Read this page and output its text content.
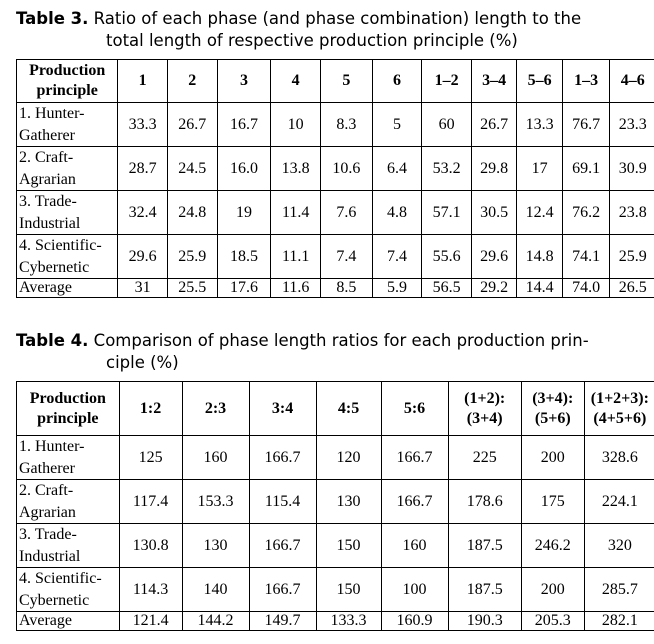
Table 3. Ratio of each phase (and phase combination) length to the
total length of respective production principle (%)
Production principle	1	2	3	4	5	6	1–2	3–4	5–6	1–3	4–6
1. Hunter-
Gatherer	33.3	26.7	16.7	10	8.3	5	60	26.7	13.3	76.7	23.3
2. Craft-
Agrarian	28.7	24.5	16.0	13.8	10.6	6.4	53.2	29.8	17	69.1	30.9
3. Trade-
Industrial	32.4	24.8	19	11.4	7.6	4.8	57.1	30.5	12.4	76.2	23.8
4. Scientific-
Cybernetic	29.6	25.9	18.5	11.1	7.4	7.4	55.6	29.6	14.8	74.1	25.9
Average	31	25.5	17.6	11.6	8.5	5.9	56.5	29.2	14.4	74.0	26.5
Table 4. Comparison of phase length ratios for each production prin-
ciple (%)
Production principle	1:2	2:3	3:4	4:5	5:6	(1+2): (3+4)	(3+4): (5+6)	(1+2+3): (4+5+6)
1. Hunter-
Gatherer	125	160	166.7	120	166.7	225	200	328.6
2. Craft-
Agrarian	117.4	153.3	115.4	130	166.7	178.6	175	224.1
3. Trade-
Industrial	130.8	130	166.7	150	160	187.5	246.2	320
4. Scientific-
Cybernetic	114.3	140	166.7	150	100	187.5	200	285.7
Average	121.4	144.2	149.7	133.3	160.9	190.3	205.3	282.1
